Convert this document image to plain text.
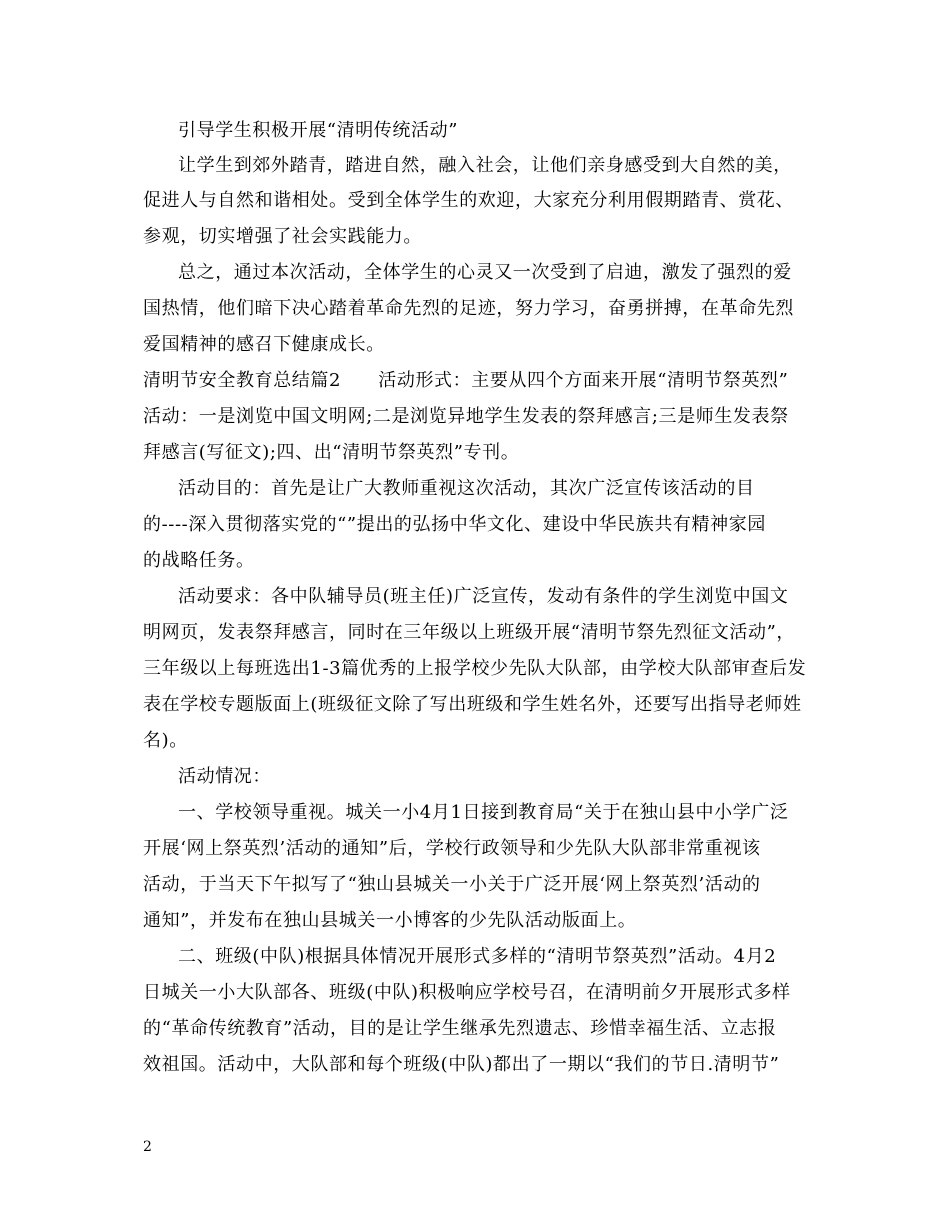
引导学生积极开展“清明传统活动”
让学生到郊外踏青，踏进自然，融入社会，让他们亲身感受到大自然的美，
促进人与自然和谐相处。受到全体学生的欢迎，大家充分利用假期踏青、赏花、
参观，切实增强了社会实践能力。
总之，通过本次活动，全体学生的心灵又一次受到了启迪，激发了强烈的爱
国热情，他们暗下决心踏着革命先烈的足迹，努力学习，奋勇拼搏，在革命先烈
爱国精神的感召下健康成长。
清明节安全教育总结篇2　　活动形式：主要从四个方面来开展“清明节祭英烈”
活动：一是浏览中国文明网;二是浏览异地学生发表的祭拜感言;三是师生发表祭
拜感言(写征文);四、出“清明节祭英烈”专刊。
活动目的：首先是让广大教师重视这次活动，其次广泛宣传该活动的目
的----深入贯彻落实党的“”提出的弘扬中华文化、建设中华民族共有精神家园
的战略任务。
活动要求：各中队辅导员(班主任)广泛宣传，发动有条件的学生浏览中国文
明网页，发表祭拜感言，同时在三年级以上班级开展“清明节祭先烈征文活动”，
三年级以上每班选出1-3篇优秀的上报学校少先队大队部，由学校大队部审查后发
表在学校专题版面上(班级征文除了写出班级和学生姓名外，还要写出指导老师姓
名)。
活动情况：
一、学校领导重视。城关一小4月1日接到教育局“关于在独山县中小学广泛
开展‘网上祭英烈’活动的通知”后，学校行政领导和少先队大队部非常重视该
活动，于当天下午拟写了“独山县城关一小关于广泛开展‘网上祭英烈’活动的
通知”，并发布在独山县城关一小博客的少先队活动版面上。
二、班级(中队)根据具体情况开展形式多样的“清明节祭英烈”活动。4月2
日城关一小大队部各、班级(中队)积极响应学校号召，在清明前夕开展形式多样
的“革命传统教育”活动，目的是让学生继承先烈遗志、珍惜幸福生活、立志报
效祖国。活动中，大队部和每个班级(中队)都出了一期以“我们的节日.清明节”
2
